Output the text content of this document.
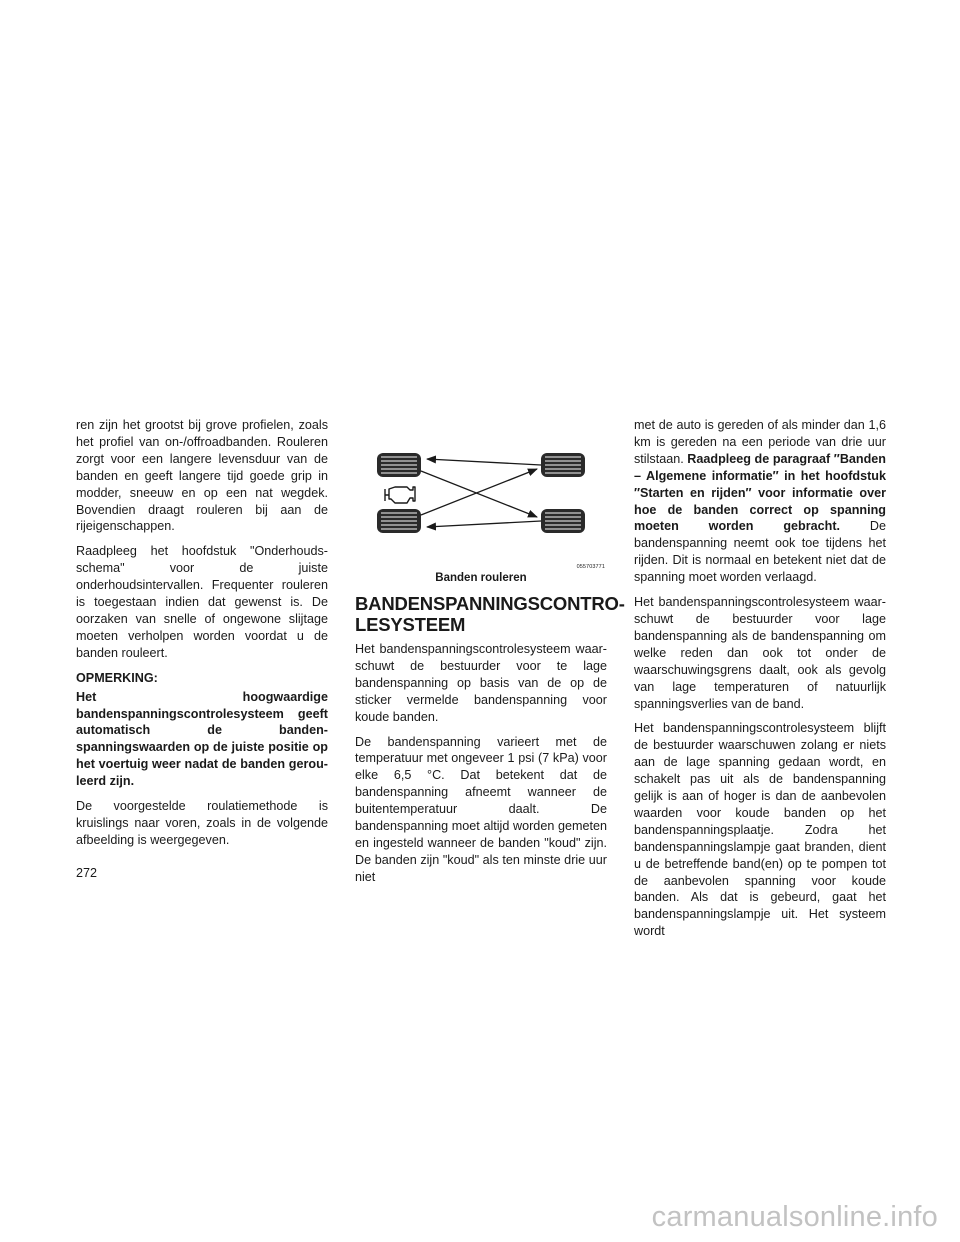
ren zijn het grootst bij grove profielen, zoals het profiel van on-/offroadbanden. Rouleren zorgt voor een langere levensduur van de banden en geeft langere tijd goede grip in modder, sneeuw en op een nat wegdek. Bovendien draagt rouleren bij aan de rijeigenschappen.

Raadpleeg het hoofdstuk "Onderhoudsschema" voor de juiste onderhoudsintervallen. Frequenter rouleren is toegestaan indien dat gewenst is. De oorzaken van snelle of ongewone slijtage moeten verholpen worden voordat u de banden rouleert.

OPMERKING:

Het hoogwaardige bandenspanningscontrolesysteem geeft automatisch de bandenspanningswaarden op de juiste positie op het voertuig weer nadat de banden gerouleerd zijn.

De voorgestelde roulatiemethode is kruislings naar voren, zoals in de volgende afbeelding is weergegeven.

055703771
Banden rouleren
BANDENSPANNINGSCONTROLESYSTEEM

Het bandenspanningscontrolesysteem waarschuwt de bestuurder voor te lage bandenspanning op basis van de op de sticker vermelde bandenspanning voor koude banden.

De bandenspanning varieert met de temperatuur met ongeveer 1 psi (7 kPa) voor elke 6,5 °C. Dat betekent dat de bandenspanning afneemt wanneer de buitentemperatuur daalt. De bandenspanning moet altijd worden gemeten en ingesteld wanneer de banden "koud" zijn. De banden zijn "koud" als ten minste drie uur niet

met de auto is gereden of als minder dan 1,6 km is gereden na een periode van drie uur stilstaan. Raadpleeg de paragraaf ″Banden – Algemene informatie″ in het hoofdstuk ″Starten en rijden″ voor informatie over hoe de banden correct op spanning moeten worden gebracht. De bandenspanning neemt ook toe tijdens het rijden. Dit is normaal en betekent niet dat de spanning moet worden verlaagd.

Het bandenspanningscontrolesysteem waarschuwt de bestuurder voor lage bandenspanning als de bandenspanning om welke reden dan ook tot onder de waarschuwingsgrens daalt, ook als gevolg van lage temperaturen of natuurlijk spanningsverlies van de band.

Het bandenspanningscontrolesysteem blijft de bestuurder waarschuwen zolang er niets aan de lage spanning gedaan wordt, en schakelt pas uit als de bandenspanning gelijk is aan of hoger is dan de aanbevolen waarden voor koude banden op het bandenspanningsplaatje. Zodra het bandenspanningslampje gaat branden, dient u de betreffende band(en) op te pompen tot de aanbevolen spanning voor koude banden. Als dat is gebeurd, gaat het bandenspanningslampje uit. Het systeem wordt

272
carmanualsonline.info
